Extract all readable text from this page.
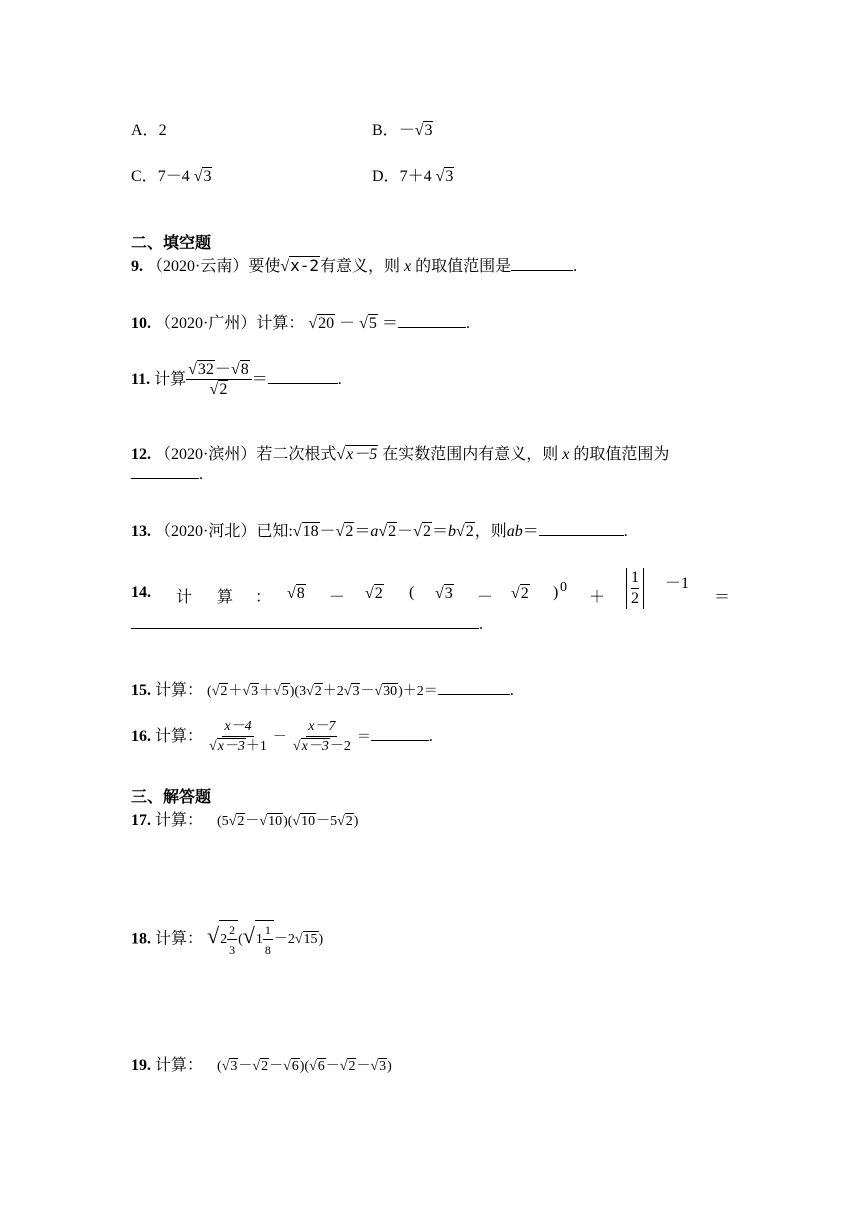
A．2	B．－√3
C．7－4 √3	D．7＋4 √3
二、填空题
9. （2020·云南）要使√x-2有意义，则 x 的取值范围是	.
10. （2020·广州）计算： √20 － √5 ＝	.
11. 计算 $\frac{√32-√8}{√2}$ ＝	.
12. （2020·滨州）若二次根式√x－5 在实数范围内有意义，则 x 的取值范围为
.
13. （2020·河北）已知:√18－√2＝a√2－√2＝b√2，则ab＝	.
14. 计 算 ： √8 － √2 ( √3 － √2 ) 0
＋
1
2
－1
＝
.
15. 计算： (√2＋√3＋√5)(3√2＋2√3－√30)＋2＝	.
16. 计算： $\frac{x-4}{√x-3+1} - \frac{x-7}{√x-3-2}$ ＝	.
三、解答题
17. 计算： (5√2－√10)(√10－5√2)
18. 计算： √ $2 \frac{2}{3}$ (√ $1 \frac{1}{8} -2√15$)
19. 计算： (√3－√2－√6)(√6－√2－√3)
